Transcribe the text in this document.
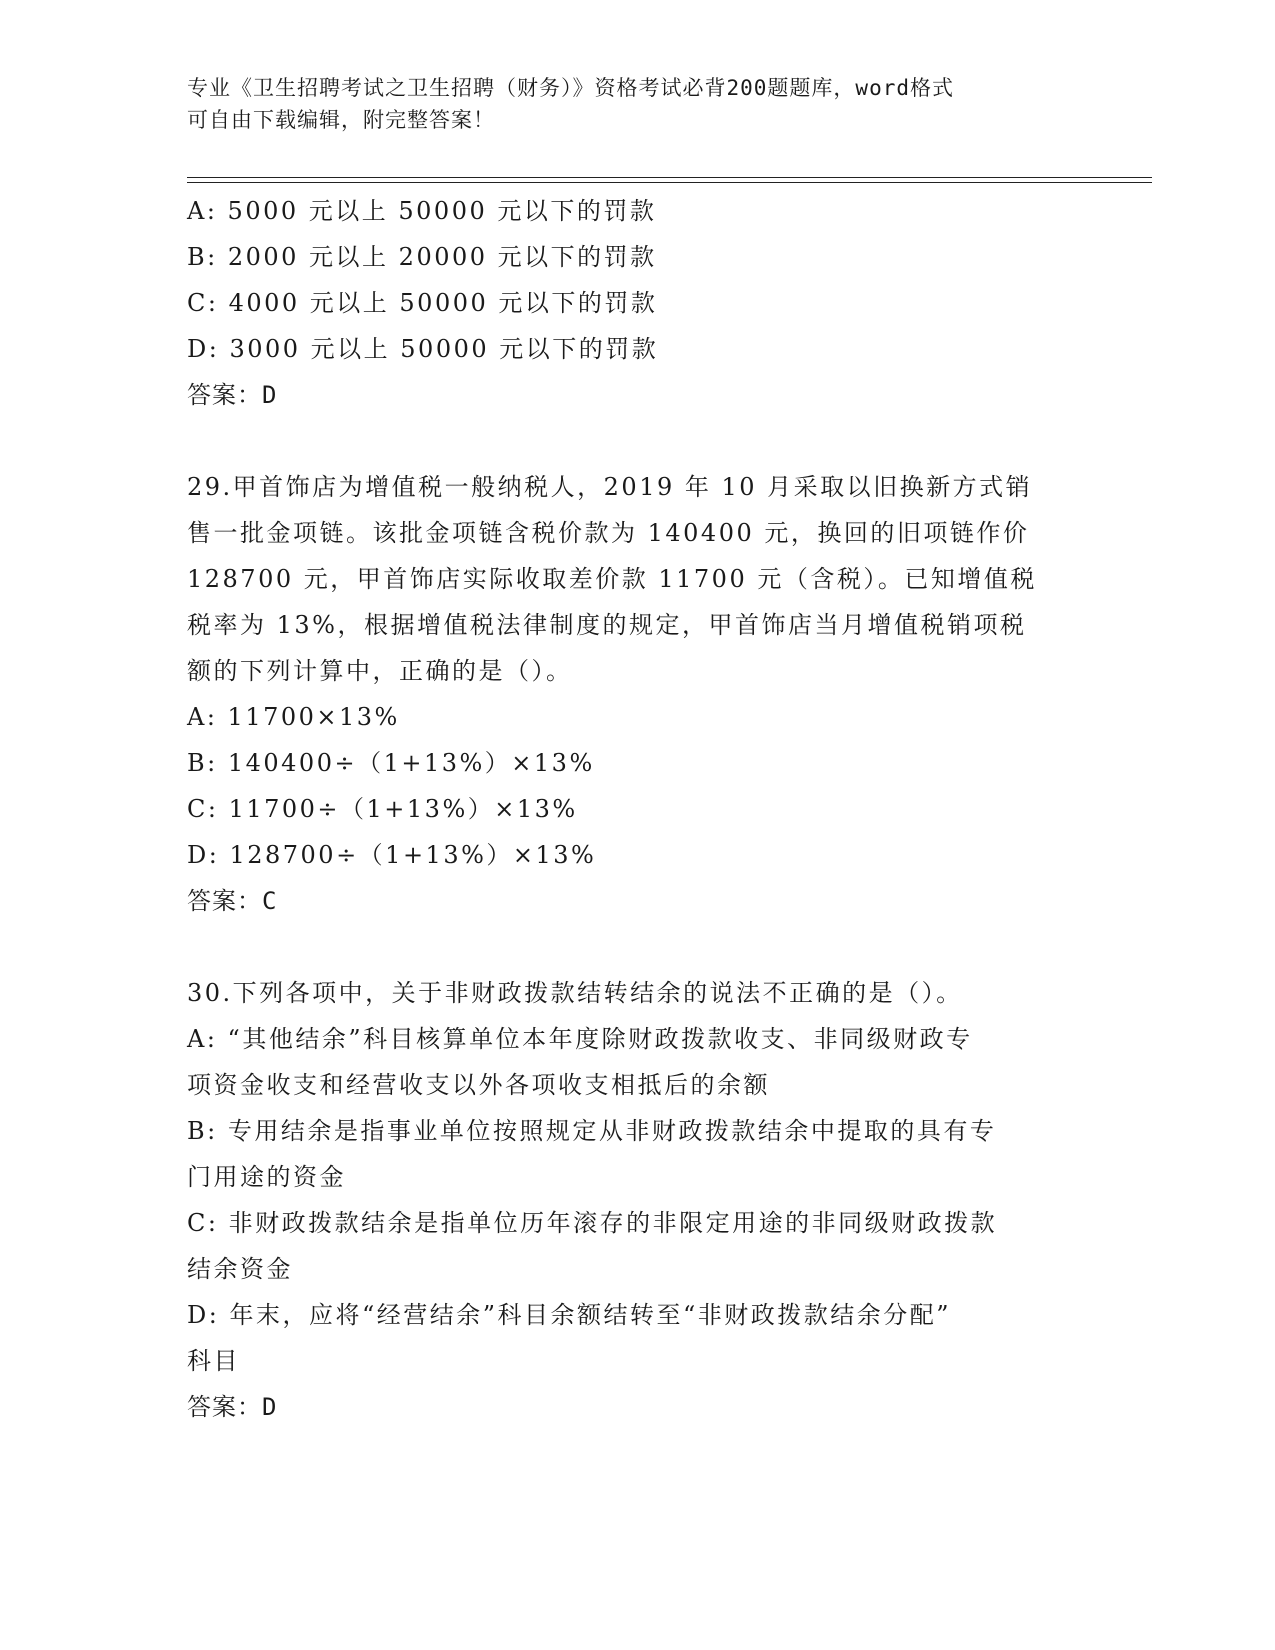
专业《卫生招聘考试之卫生招聘（财务）》资格考试必背200题题库，word格式
可自由下载编辑，附完整答案！
A: 5000 元以上 50000 元以下的罚款
B: 2000 元以上 20000 元以下的罚款
C: 4000 元以上 50000 元以下的罚款
D: 3000 元以上 50000 元以下的罚款
答案：D
29.甲首饰店为增值税一般纳税人，2019 年 10 月采取以旧换新方式销
售一批金项链。该批金项链含税价款为 140400 元，换回的旧项链作价
128700 元，甲首饰店实际收取差价款 11700 元（含税）。已知增值税
税率为 13%，根据增值税法律制度的规定，甲首饰店当月增值税销项税
额的下列计算中，正确的是（）。
A: 11700×13%
B: 140400÷（1+13%）×13%
C: 11700÷（1+13%）×13%
D: 128700÷（1+13%）×13%
答案：C
30.下列各项中，关于非财政拨款结转结余的说法不正确的是（）。
A: “其他结余”科目核算单位本年度除财政拨款收支、非同级财政专
项资金收支和经营收支以外各项收支相抵后的余额
B: 专用结余是指事业单位按照规定从非财政拨款结余中提取的具有专
门用途的资金
C: 非财政拨款结余是指单位历年滚存的非限定用途的非同级财政拨款
结余资金
D: 年末，应将“经营结余”科目余额结转至“非财政拨款结余分配”
科目
答案：D
